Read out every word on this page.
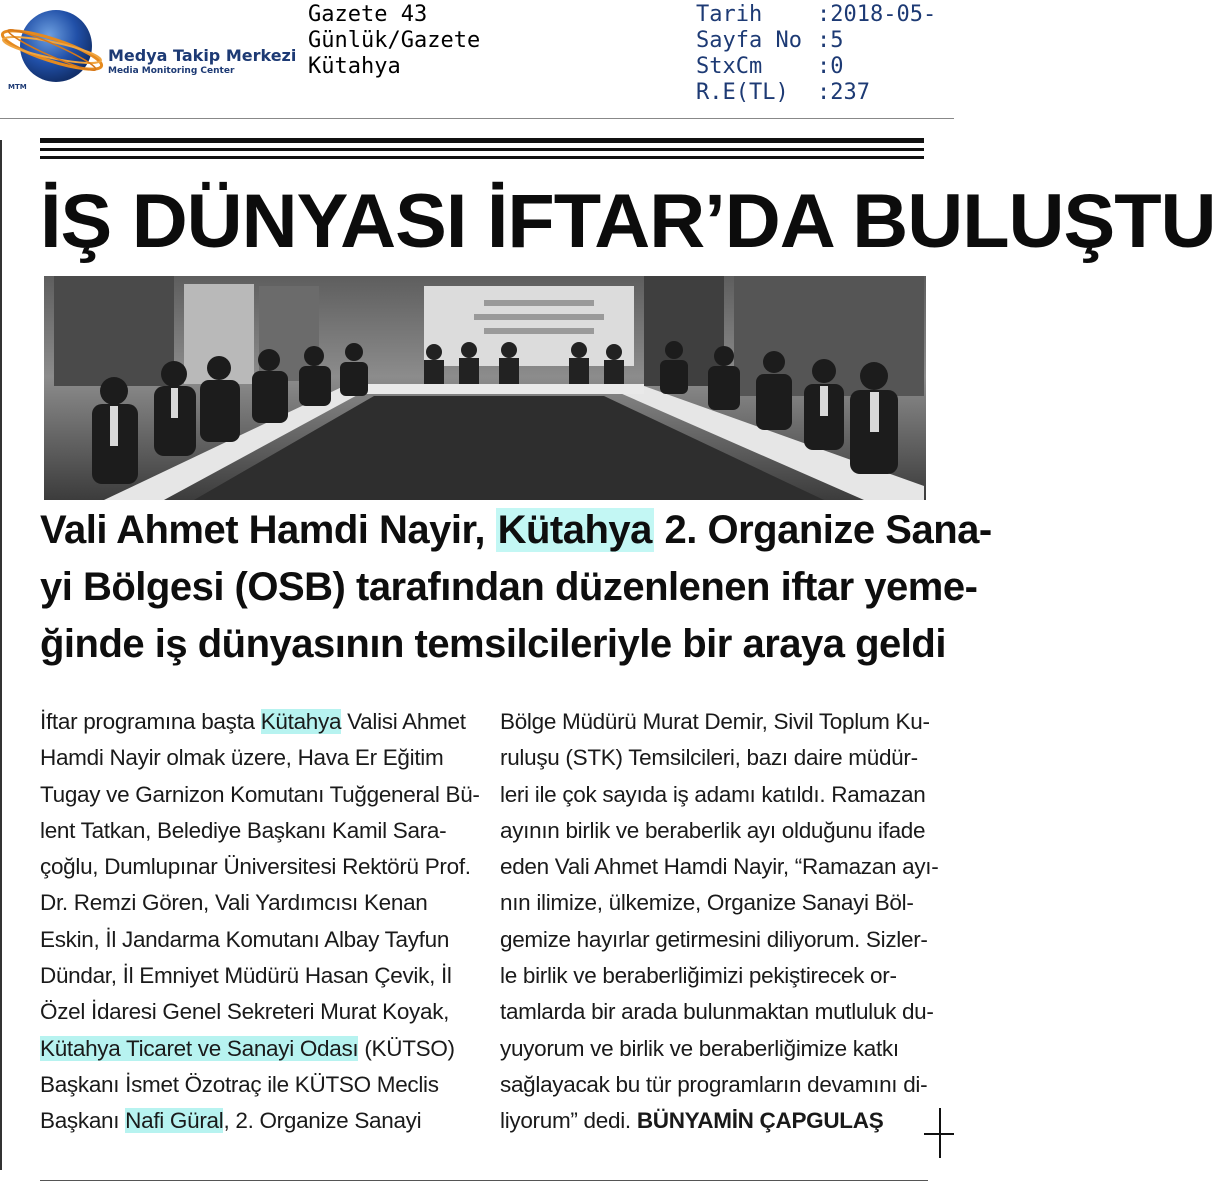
Medya Takip Merkezi
Media Monitoring Center
MTM
Gazete 43
Günlük/Gazete
Kütahya
Tarih :2018-05-
Sayfa No :5
StxCm :0
R.E(TL) :237
İŞ DÜNYASI İFTAR’DA BULUŞTU
Vali Ahmet Hamdi Nayir, Kütahya 2. Organize Sana-
yi Bölgesi (OSB) tarafından düzenlenen iftar yeme-
ğinde iş dünyasının temsilcileriyle bir araya geldi
İftar programına başta Kütahya Valisi Ahmet
Hamdi Nayir olmak üzere, Hava Er Eğitim
Tugay ve Garnizon Komutanı Tuğgeneral Bü-
lent Tatkan, Belediye Başkanı Kamil Sara-
çoğlu, Dumlupınar Üniversitesi Rektörü Prof.
Dr. Remzi Gören, Vali Yardımcısı Kenan
Eskin, İl Jandarma Komutanı Albay Tayfun
Dündar, İl Emniyet Müdürü Hasan Çevik, İl
Özel İdaresi Genel Sekreteri Murat Koyak,
Kütahya Ticaret ve Sanayi Odası (KÜTSO)
Başkanı İsmet Özotraç ile KÜTSO Meclis
Başkanı Nafi Güral, 2. Organize Sanayi
Bölge Müdürü Murat Demir, Sivil Toplum Ku-
ruluşu (STK) Temsilcileri, bazı daire müdür-
leri ile çok sayıda iş adamı katıldı. Ramazan
ayının birlik ve beraberlik ayı olduğunu ifade
eden Vali Ahmet Hamdi Nayir, “Ramazan ayı-
nın ilimize, ülkemize, Organize Sanayi Böl-
gemize hayırlar getirmesini diliyorum. Sizler-
le birlik ve beraberliğimizi pekiştirecek or-
tamlarda bir arada bulunmaktan mutluluk du-
yuyorum ve birlik ve beraberliğimize katkı
sağlayacak bu tür programların devamını di-
liyorum” dedi. BÜNYAMİN ÇAPGULAŞ
